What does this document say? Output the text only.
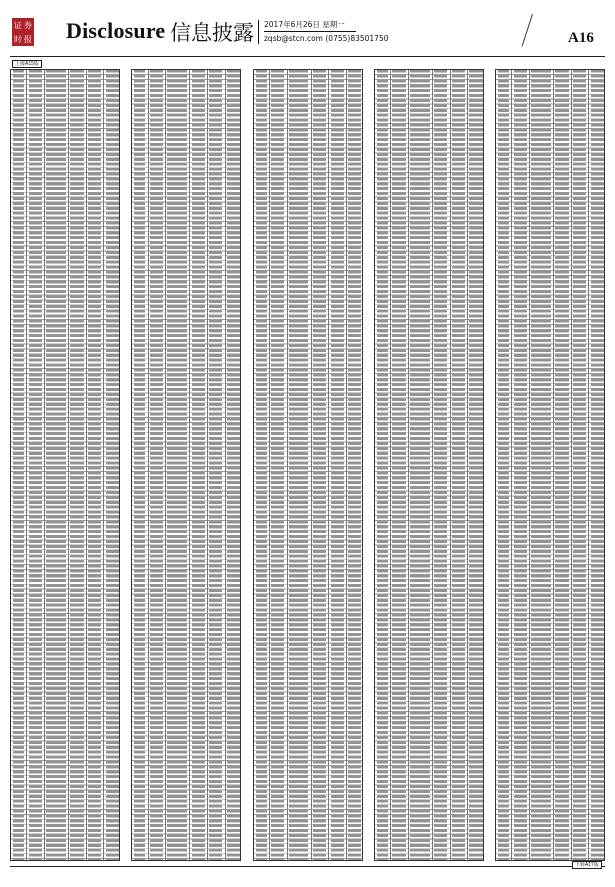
证 券
时 报 Disclosure 信息披露 2017年6月26日 星期一
zqsb@stcn.com (0755)83501750	A16
上接A15版
下转A17版
